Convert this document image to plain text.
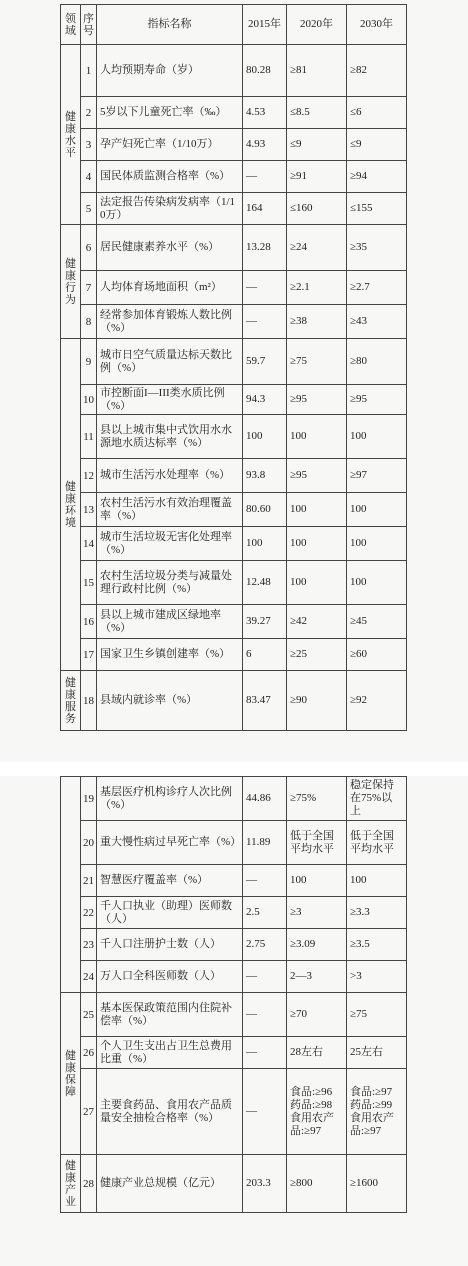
领域	序号	指标名称	2015年	2020年	2030年
健康水平	1	人均预期寿命（岁）	80.28	≥81	≥82
	2	5岁以下儿童死亡率（‰）	4.53	≤8.5	≤6
	3	孕产妇死亡率（1/10万）	4.93	≤9	≤9
	4	国民体质监测合格率（%）	—	≥91	≥94
	5	法定报告传染病发病率（1/10万）	164	≤160	≤155
健康行为	6	居民健康素养水平（%）	13.28	≥24	≥35
	7	人均体育场地面积（m²）	—	≥2.1	≥2.7
	8	经常参加体育锻炼人数比例（%）	—	≥38	≥43
健康环境	9	城市日空气质量达标天数比例（%）	59.7	≥75	≥80
	10	市控断面I—III类水质比例（%）	94.3	≥95	≥95
	11	县以上城市集中式饮用水水源地水质达标率（%）	100	100	100
	12	城市生活污水处理率（%）	93.8	≥95	≥97
	13	农村生活污水有效治理覆盖率（%）	80.60	100	100
	14	城市生活垃圾无害化处理率（%）	100	100	100
	15	农村生活垃圾分类与减量处理行政村比例（%）	12.48	100	100
	16	县以上城市建成区绿地率（%）	39.27	≥42	≥45
	17	国家卫生乡镇创建率（%）	6	≥25	≥60
健康服务	18	县域内就诊率（%）	83.47	≥90	≥92
	19	基层医疗机构诊疗人次比例（%）	44.86	≥75%	稳定保持在75%以上
	20	重大慢性病过早死亡率（%）	11.89	低于全国平均水平	低于全国平均水平
	21	智慧医疗覆盖率（%）	—	100	100
	22	千人口执业（助理）医师数（人）	2.5	≥3	≥3.3
	23	千人口注册护士数（人）	2.75	≥3.09	≥3.5
	24	万人口全科医师数（人）	—	2—3	>3
健康保障	25	基本医保政策范围内住院补偿率（%）	—	≥70	≥75
	26	个人卫生支出占卫生总费用比重（%）	—	28左右	25左右
	27	主要食药品、食用农产品质量安全抽检合格率（%）	—	食品:≥96 药品:≥98 食用农产品:≥97	食品:≥97 药品:≥99 食用农产品:≥97
健康产业	28	健康产业总规模（亿元）	203.3	≥800	≥1600
